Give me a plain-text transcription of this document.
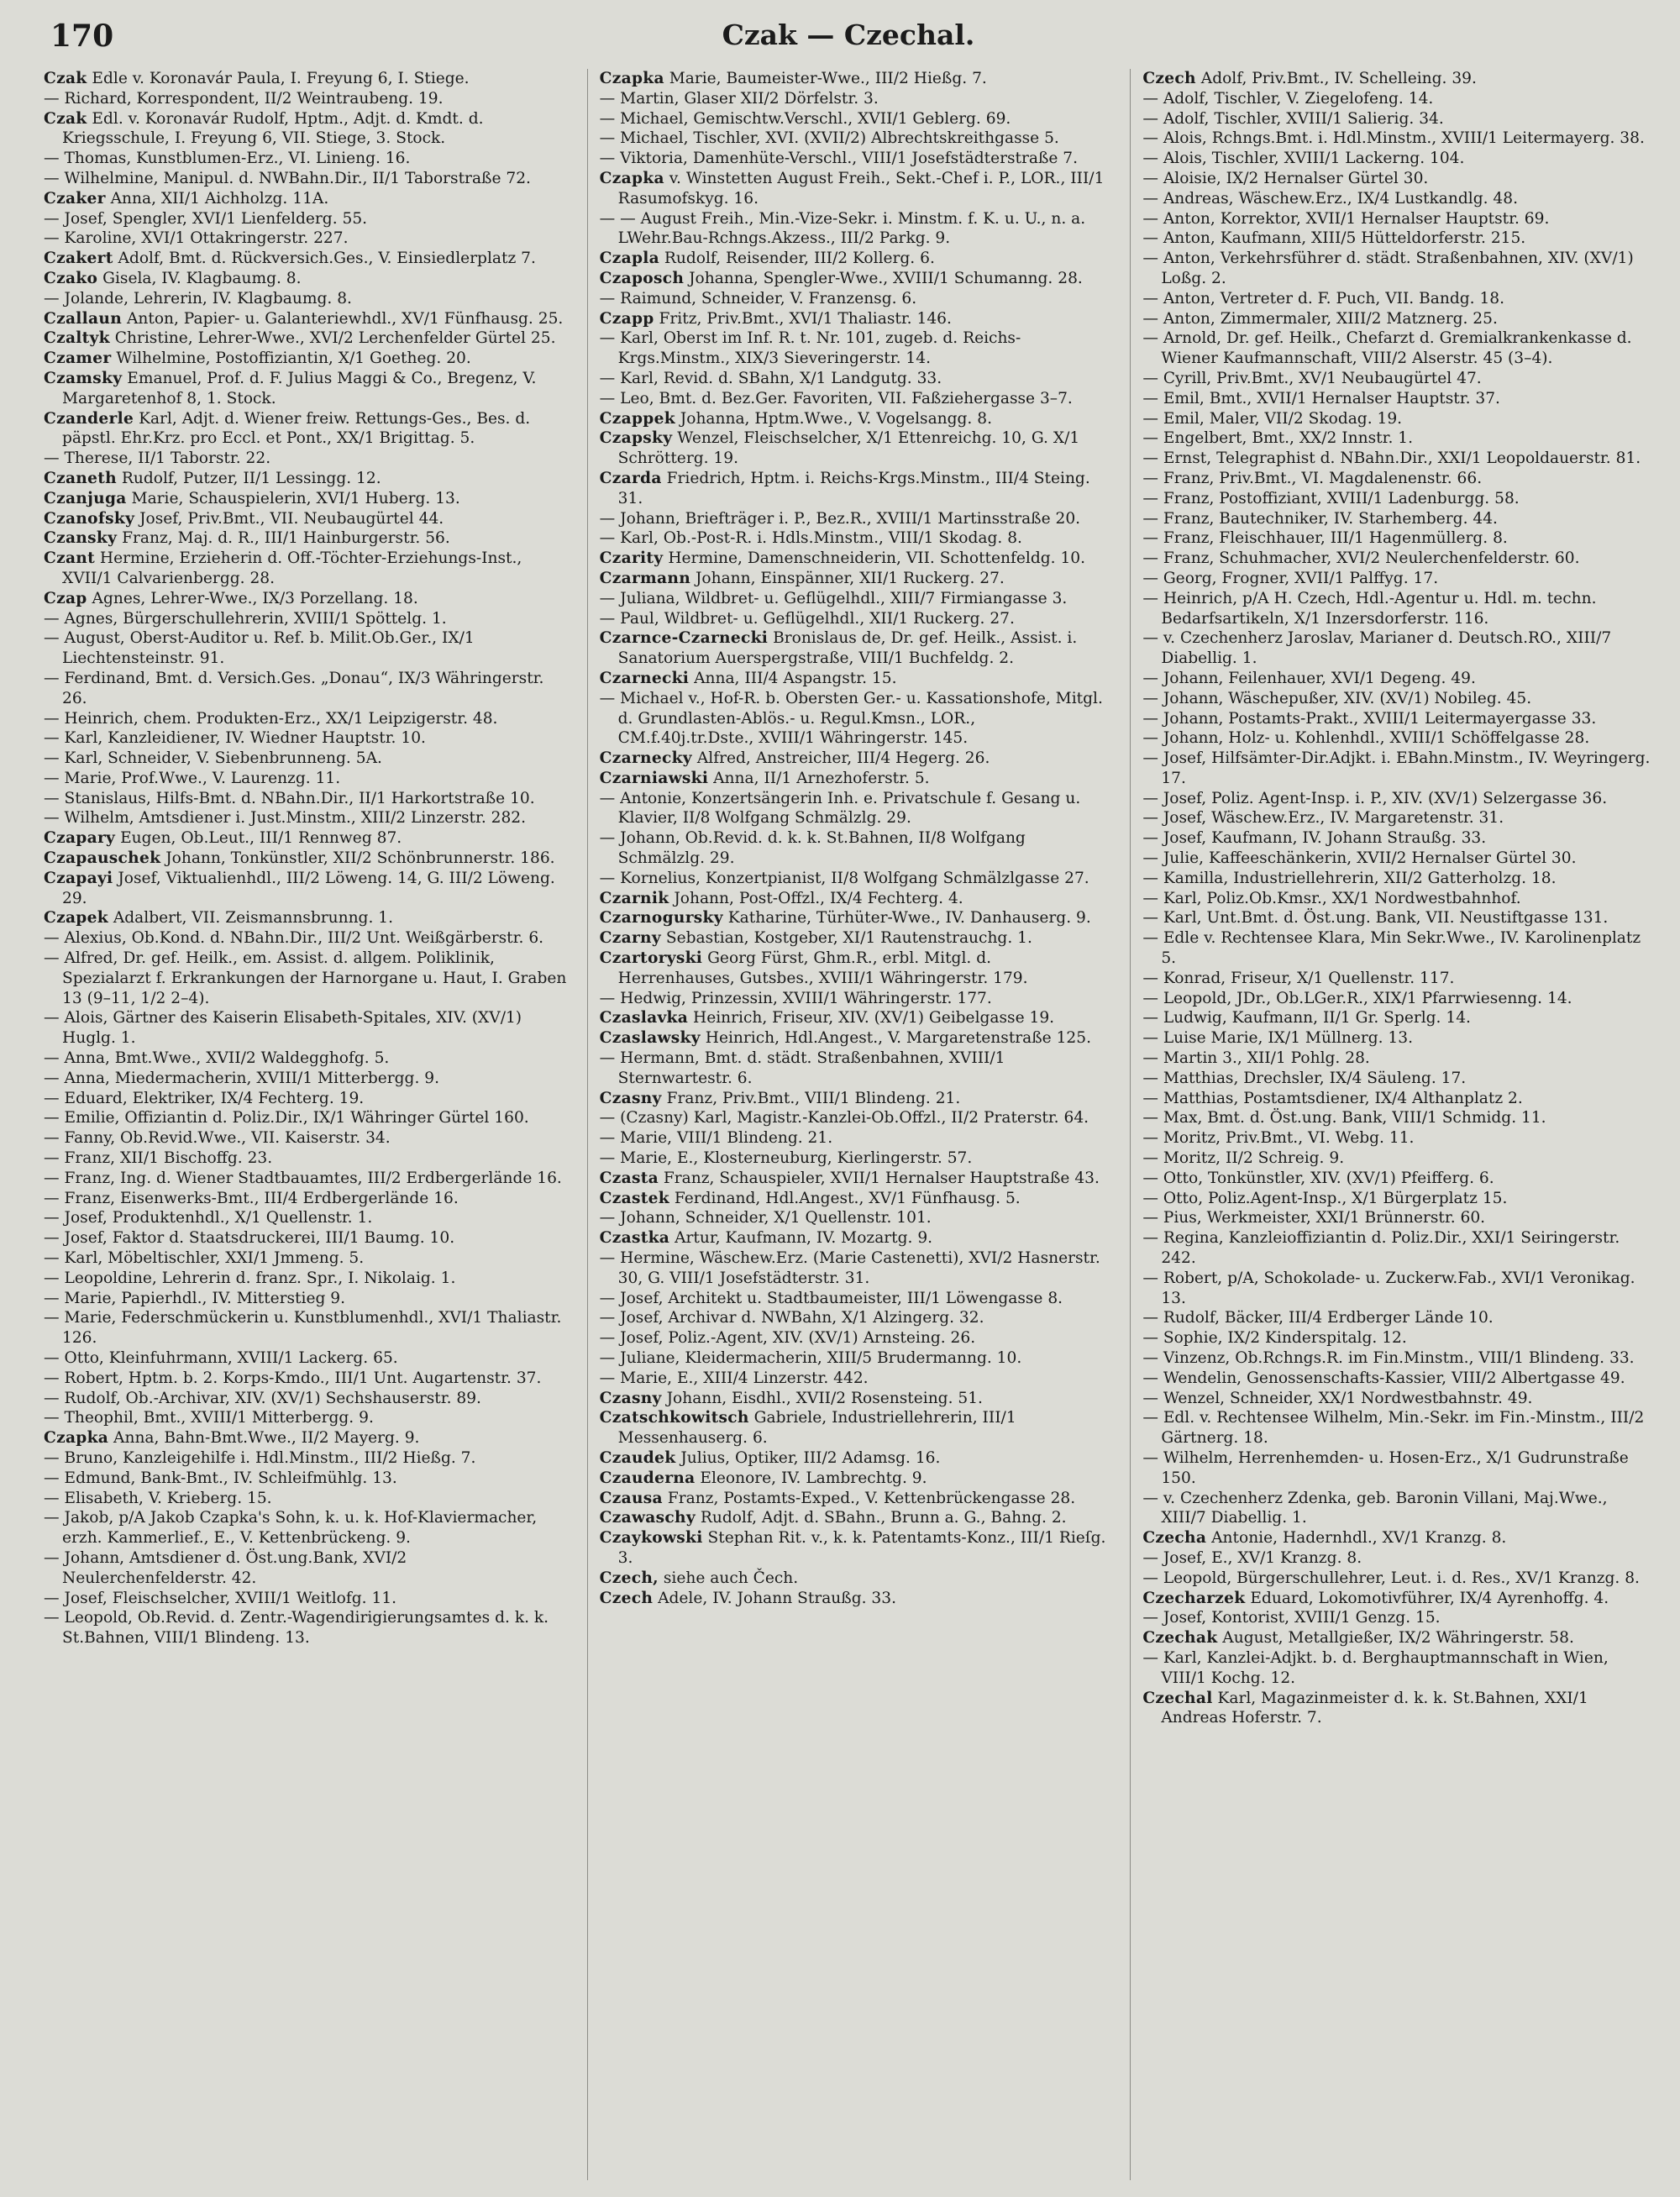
170	Czak — Czechal.
Czak Edle v. Koronavár Paula, I. Freyung 6, I. Stiege.
— Richard, Korrespondent, II/2 Weintraubeng. 19.
Czak Edl. v. Koronavár Rudolf, Hptm., Adjt. d. Kmdt. d. Kriegsschule, I. Freyung 6, VII. Stiege, 3. Stock.
— Thomas, Kunstblumen-Erz., VI. Linieng. 16.
— Wilhelmine, Manipul. d. NWBahn.Dir., II/1 Taborstraße 72.
Czaker Anna, XII/1 Aichholzg. 11A.
— Josef, Spengler, XVI/1 Lienfelderg. 55.
— Karoline, XVI/1 Ottakringerstr. 227.
Czakert Adolf, Bmt. d. Rückversich.Ges., V. Einsiedlerplatz 7.
Czako Gisela, IV. Klagbaumg. 8.
— Jolande, Lehrerin, IV. Klagbaumg. 8.
Czallaun Anton, Papier- u. Galanteriewhdl., XV/1 Fünfhausg. 25.
Czaltyk Christine, Lehrer-Wwe., XVI/2 Lerchenfelder Gürtel 25.
Czamer Wilhelmine, Postoffiziantin, X/1 Goetheg. 20.
Czamsky Emanuel, Prof. d. F. Julius Maggi & Co., Bregenz, V. Margaretenhof 8, 1. Stock.
Czanderle Karl, Adjt. d. Wiener freiw. Rettungs-Ges., Bes. d. päpstl. Ehr.Krz. pro Eccl. et Pont., XX/1 Brigittag. 5.
— Therese, II/1 Taborstr. 22.
Czaneth Rudolf, Putzer, II/1 Lessingg. 12.
Czanjuga Marie, Schauspielerin, XVI/1 Huberg. 13.
Czanofsky Josef, Priv.Bmt., VII. Neubaugürtel 44.
Czansky Franz, Maj. d. R., III/1 Hainburgerstr. 56.
Czant Hermine, Erzieherin d. Off.-Töchter-Erziehungs-Inst., XVII/1 Calvarienbergg. 28.
Czap Agnes, Lehrer-Wwe., IX/3 Porzellang. 18.
— Agnes, Bürgerschullehrerin, XVIII/1 Spöttelg. 1.
— August, Oberst-Auditor u. Ref. b. Milit.Ob.Ger., IX/1 Liechtensteinstr. 91.
— Ferdinand, Bmt. d. Versich.Ges. „Donau“, IX/3 Währingerstr. 26.
— Heinrich, chem. Produkten-Erz., XX/1 Leipzigerstr. 48.
— Karl, Kanzleidiener, IV. Wiedner Hauptstr. 10.
— Karl, Schneider, V. Siebenbrunneng. 5A.
— Marie, Prof.Wwe., V. Laurenzg. 11.
— Stanislaus, Hilfs-Bmt. d. NBahn.Dir., II/1 Harkortstraße 10.
— Wilhelm, Amtsdiener i. Just.Minstm., XIII/2 Linzerstr. 282.
Czapary Eugen, Ob.Leut., III/1 Rennweg 87.
Czapauschek Johann, Tonkünstler, XII/2 Schönbrunnerstr. 186.
Czapayi Josef, Viktualienhdl., III/2 Löweng. 14, G. III/2 Löweng. 29.
Czapek Adalbert, VII. Zeismannsbrunng. 1.
— Alexius, Ob.Kond. d. NBahn.Dir., III/2 Unt. Weißgärberstr. 6.
— Alfred, Dr. gef. Heilk., em. Assist. d. allgem. Poliklinik, Spezialarzt f. Erkrankungen der Harnorgane u. Haut, I. Graben 13 (9–11, 1/2 2–4).
— Alois, Gärtner des Kaiserin Elisabeth-Spitales, XIV. (XV/1) Huglg. 1.
— Anna, Bmt.Wwe., XVII/2 Waldegghofg. 5.
— Anna, Miedermacherin, XVIII/1 Mitterbergg. 9.
— Eduard, Elektriker, IX/4 Fechterg. 19.
— Emilie, Offiziantin d. Poliz.Dir., IX/1 Währinger Gürtel 160.
— Fanny, Ob.Revid.Wwe., VII. Kaiserstr. 34.
— Franz, XII/1 Bischoffg. 23.
— Franz, Ing. d. Wiener Stadtbauamtes, III/2 Erdbergerlände 16.
— Franz, Eisenwerks-Bmt., III/4 Erdbergerlände 16.
— Josef, Produktenhdl., X/1 Quellenstr. 1.
— Josef, Faktor d. Staatsdruckerei, III/1 Baumg. 10.
— Karl, Möbeltischler, XXI/1 Jmmeng. 5.
— Leopoldine, Lehrerin d. franz. Spr., I. Nikolaig. 1.
— Marie, Papierhdl., IV. Mitterstieg 9.
— Marie, Federschmückerin u. Kunstblumenhdl., XVI/1 Thaliastr. 126.
— Otto, Kleinfuhrmann, XVIII/1 Lackerg. 65.
— Robert, Hptm. b. 2. Korps-Kmdo., III/1 Unt. Augartenstr. 37.
— Rudolf, Ob.-Archivar, XIV. (XV/1) Sechshauserstr. 89.
— Theophil, Bmt., XVIII/1 Mitterbergg. 9.
Czapka Anna, Bahn-Bmt.Wwe., II/2 Mayerg. 9.
— Bruno, Kanzleigehilfe i. Hdl.Minstm., III/2 Hießg. 7.
— Edmund, Bank-Bmt., IV. Schleifmühlg. 13.
— Elisabeth, V. Krieberg. 15.
— Jakob, p/A Jakob Czapka's Sohn, k. u. k. Hof-Klaviermacher, erzh. Kammerlief., E., V. Kettenbrückeng. 9.
— Johann, Amtsdiener d. Öst.ung.Bank, XVI/2 Neulerchenfelderstr. 42.
— Josef, Fleischselcher, XVIII/1 Weitlofg. 11.
— Leopold, Ob.Revid. d. Zentr.-Wagendirigierungsamtes d. k. k. St.Bahnen, VIII/1 Blindeng. 13.
Czapka Marie, Baumeister-Wwe., III/2 Hießg. 7.
— Martin, Glaser XII/2 Dörfelstr. 3.
— Michael, Gemischtw.Verschl., XVII/1 Geblerg. 69.
— Michael, Tischler, XVI. (XVII/2) Albrechtskreithgasse 5.
— Viktoria, Damenhüte-Verschl., VIII/1 Josefstädterstraße 7.
Czapka v. Winstetten August Freih., Sekt.-Chef i. P., LOR., III/1 Rasumofskyg. 16.
— — August Freih., Min.-Vize-Sekr. i. Minstm. f. K. u. U., n. a. LWehr.Bau-Rchngs.Akzess., III/2 Parkg. 9.
Czapla Rudolf, Reisender, III/2 Kollerg. 6.
Czaposch Johanna, Spengler-Wwe., XVIII/1 Schumanng. 28.
— Raimund, Schneider, V. Franzensg. 6.
Czapp Fritz, Priv.Bmt., XVI/1 Thaliastr. 146.
— Karl, Oberst im Inf. R. t. Nr. 101, zugeb. d. Reichs-Krgs.Minstm., XIX/3 Sieveringerstr. 14.
— Karl, Revid. d. SBahn, X/1 Landgutg. 33.
— Leo, Bmt. d. Bez.Ger. Favoriten, VII. Faßziehergasse 3–7.
Czappek Johanna, Hptm.Wwe., V. Vogelsangg. 8.
Czapsky Wenzel, Fleischselcher, X/1 Ettenreichg. 10, G. X/1 Schrötterg. 19.
Czarda Friedrich, Hptm. i. Reichs-Krgs.Minstm., III/4 Steing. 31.
— Johann, Briefträger i. P., Bez.R., XVIII/1 Martinsstraße 20.
— Karl, Ob.-Post-R. i. Hdls.Minstm., VIII/1 Skodag. 8.
Czarity Hermine, Damenschneiderin, VII. Schottenfeldg. 10.
Czarmann Johann, Einspänner, XII/1 Ruckerg. 27.
— Juliana, Wildbret- u. Geflügelhdl., XIII/7 Firmiangasse 3.
— Paul, Wildbret- u. Geflügelhdl., XII/1 Ruckerg. 27.
Czarnce-Czarnecki Bronislaus de, Dr. gef. Heilk., Assist. i. Sanatorium Auerspergstraße, VIII/1 Buchfeldg. 2.
Czarnecki Anna, III/4 Aspangstr. 15.
— Michael v., Hof-R. b. Obersten Ger.- u. Kassationshofe, Mitgl. d. Grundlasten-Ablös.- u. Regul.Kmsn., LOR., CM.f.40j.tr.Dste., XVIII/1 Währingerstr. 145.
Czarnecky Alfred, Anstreicher, III/4 Hegerg. 26.
Czarniawski Anna, II/1 Arnezhoferstr. 5.
— Antonie, Konzertsängerin Inh. e. Privatschule f. Gesang u. Klavier, II/8 Wolfgang Schmälzlg. 29.
— Johann, Ob.Revid. d. k. k. St.Bahnen, II/8 Wolfgang Schmälzlg. 29.
— Kornelius, Konzertpianist, II/8 Wolfgang Schmälzlgasse 27.
Czarnik Johann, Post-Offzl., IX/4 Fechterg. 4.
Czarnogursky Katharine, Türhüter-Wwe., IV. Danhauserg. 9.
Czarny Sebastian, Kostgeber, XI/1 Rautenstrauchg. 1.
Czartoryski Georg Fürst, Ghm.R., erbl. Mitgl. d. Herrenhauses, Gutsbes., XVIII/1 Währingerstr. 179.
— Hedwig, Prinzessin, XVIII/1 Währingerstr. 177.
Czaslavka Heinrich, Friseur, XIV. (XV/1) Geibelgasse 19.
Czaslawsky Heinrich, Hdl.Angest., V. Margaretenstraße 125.
— Hermann, Bmt. d. städt. Straßenbahnen, XVIII/1 Sternwartestr. 6.
Czasny Franz, Priv.Bmt., VIII/1 Blindeng. 21.
— (Czasny) Karl, Magistr.-Kanzlei-Ob.Offzl., II/2 Praterstr. 64.
— Marie, VIII/1 Blindeng. 21.
— Marie, E., Klosterneuburg, Kierlingerstr. 57.
Czasta Franz, Schauspieler, XVII/1 Hernalser Hauptstraße 43.
Czastek Ferdinand, Hdl.Angest., XV/1 Fünfhausg. 5.
— Johann, Schneider, X/1 Quellenstr. 101.
Czastka Artur, Kaufmann, IV. Mozartg. 9.
— Hermine, Wäschew.Erz. (Marie Castenetti), XVI/2 Hasnerstr. 30, G. VIII/1 Josefstädterstr. 31.
— Josef, Architekt u. Stadtbaumeister, III/1 Löwengasse 8.
— Josef, Archivar d. NWBahn, X/1 Alzingerg. 32.
— Josef, Poliz.-Agent, XIV. (XV/1) Arnsteing. 26.
— Juliane, Kleidermacherin, XIII/5 Brudermanng. 10.
— Marie, E., XIII/4 Linzerstr. 442.
Czasny Johann, Eisdhl., XVII/2 Rosensteing. 51.
Czatschkowitsch Gabriele, Industriellehrerin, III/1 Messenhauserg. 6.
Czaudek Julius, Optiker, III/2 Adamsg. 16.
Czauderna Eleonore, IV. Lambrechtg. 9.
Czausa Franz, Postamts-Exped., V. Kettenbrückengasse 28.
Czawaschy Rudolf, Adjt. d. SBahn., Brunn a. G., Bahng. 2.
Czaykowski Stephan Rit. v., k. k. Patentamts-Konz., III/1 Rieſg. 3.
Czech, siehe auch Čech.
Czech Adele, IV. Johann Straußg. 33.
Czech Adolf, Priv.Bmt., IV. Schelleing. 39.
— Adolf, Tischler, V. Ziegelofeng. 14.
— Adolf, Tischler, XVIII/1 Salierig. 34.
— Alois, Rchngs.Bmt. i. Hdl.Minstm., XVIII/1 Leitermayerg. 38.
— Alois, Tischler, XVIII/1 Lackerng. 104.
— Aloisie, IX/2 Hernalser Gürtel 30.
— Andreas, Wäschew.Erz., IX/4 Lustkandlg. 48.
— Anton, Korrektor, XVII/1 Hernalser Hauptstr. 69.
— Anton, Kaufmann, XIII/5 Hütteldorferstr. 215.
— Anton, Verkehrsführer d. städt. Straßenbahnen, XIV. (XV/1) Loßg. 2.
— Anton, Vertreter d. F. Puch, VII. Bandg. 18.
— Anton, Zimmermaler, XIII/2 Matznerg. 25.
— Arnold, Dr. gef. Heilk., Chefarzt d. Gremialkrankenkasse d. Wiener Kaufmannschaft, VIII/2 Alserstr. 45 (3–4).
— Cyrill, Priv.Bmt., XV/1 Neubaugürtel 47.
— Emil, Bmt., XVII/1 Hernalser Hauptstr. 37.
— Emil, Maler, VII/2 Skodag. 19.
— Engelbert, Bmt., XX/2 Innstr. 1.
— Ernst, Telegraphist d. NBahn.Dir., XXI/1 Leopoldauerstr. 81.
— Franz, Priv.Bmt., VI. Magdalenenstr. 66.
— Franz, Postoffiziant, XVIII/1 Ladenburgg. 58.
— Franz, Bautechniker, IV. Starhemberg. 44.
— Franz, Fleischhauer, III/1 Hagenmüllerg. 8.
— Franz, Schuhmacher, XVI/2 Neulerchenfelderstr. 60.
— Georg, Frogner, XVII/1 Palffyg. 17.
— Heinrich, p/A H. Czech, Hdl.-Agentur u. Hdl. m. techn. Bedarfsartikeln, X/1 Inzersdorferstr. 116.
— v. Czechenherz Jaroslav, Marianer d. Deutsch.RO., XIII/7 Diabellig. 1.
— Johann, Feilenhauer, XVI/1 Degeng. 49.
— Johann, Wäschepußer, XIV. (XV/1) Nobileg. 45.
— Johann, Postamts-Prakt., XVIII/1 Leitermayergasse 33.
— Johann, Holz- u. Kohlenhdl., XVIII/1 Schöffelgasse 28.
— Josef, Hilfsämter-Dir.Adjkt. i. EBahn.Minstm., IV. Weyringerg. 17.
— Josef, Poliz. Agent-Insp. i. P., XIV. (XV/1) Selzergasse 36.
— Josef, Wäschew.Erz., IV. Margaretenstr. 31.
— Josef, Kaufmann, IV. Johann Straußg. 33.
— Julie, Kaffeeschänkerin, XVII/2 Hernalser Gürtel 30.
— Kamilla, Industriellehrerin, XII/2 Gatterholzg. 18.
— Karl, Poliz.Ob.Kmsr., XX/1 Nordwestbahnhof.
— Karl, Unt.Bmt. d. Öst.ung. Bank, VII. Neustiftgasse 131.
— Edle v. Rechtensee Klara, Min Sekr.Wwe., IV. Karolinenplatz 5.
— Konrad, Friseur, X/1 Quellenstr. 117.
— Leopold, JDr., Ob.LGer.R., XIX/1 Pfarrwiesenng. 14.
— Ludwig, Kaufmann, II/1 Gr. Sperlg. 14.
— Luise Marie, IX/1 Müllnerg. 13.
— Martin 3., XII/1 Pohlg. 28.
— Matthias, Drechsler, IX/4 Säuleng. 17.
— Matthias, Postamtsdiener, IX/4 Althanplatz 2.
— Max, Bmt. d. Öst.ung. Bank, VIII/1 Schmidg. 11.
— Moritz, Priv.Bmt., VI. Webg. 11.
— Moritz, II/2 Schreig. 9.
— Otto, Tonkünstler, XIV. (XV/1) Pfeifferg. 6.
— Otto, Poliz.Agent-Insp., X/1 Bürgerplatz 15.
— Pius, Werkmeister, XXI/1 Brünnerstr. 60.
— Regina, Kanzleioffiziantin d. Poliz.Dir., XXI/1 Seiringerstr. 242.
— Robert, p/A, Schokolade- u. Zuckerw.Fab., XVI/1 Veronikag. 13.
— Rudolf, Bäcker, III/4 Erdberger Lände 10.
— Sophie, IX/2 Kinderspitalg. 12.
— Vinzenz, Ob.Rchngs.R. im Fin.Minstm., VIII/1 Blindeng. 33.
— Wendelin, Genossenschafts-Kassier, VIII/2 Albertgasse 49.
— Wenzel, Schneider, XX/1 Nordwestbahnstr. 49.
— Edl. v. Rechtensee Wilhelm, Min.-Sekr. im Fin.-Minstm., III/2 Gärtnerg. 18.
— Wilhelm, Herrenhemden- u. Hosen-Erz., X/1 Gudrunstraße 150.
— v. Czechenherz Zdenka, geb. Baronin Villani, Maj.Wwe., XIII/7 Diabellig. 1.
Czecha Antonie, Hadernhdl., XV/1 Kranzg. 8.
— Josef, E., XV/1 Kranzg. 8.
— Leopold, Bürgerschullehrer, Leut. i. d. Res., XV/1 Kranzg. 8.
Czecharzek Eduard, Lokomotivführer, IX/4 Ayrenhoffg. 4.
— Josef, Kontorist, XVIII/1 Genzg. 15.
Czechak August, Metallgießer, IX/2 Währingerstr. 58.
— Karl, Kanzlei-Adjkt. b. d. Berghauptmannschaft in Wien, VIII/1 Kochg. 12.
Czechal Karl, Magazinmeister d. k. k. St.Bahnen, XXI/1 Andreas Hoferstr. 7.
